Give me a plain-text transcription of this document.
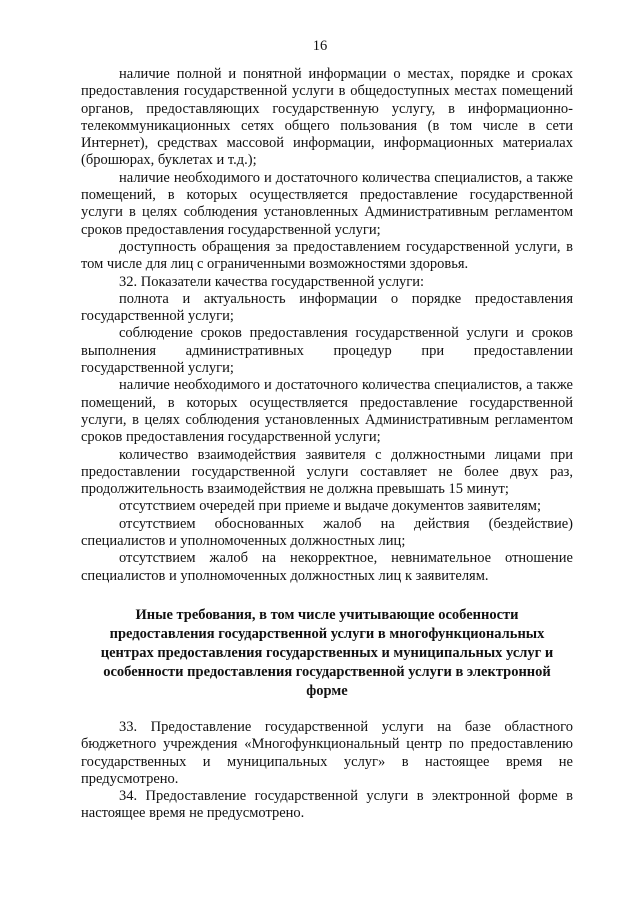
16

наличие полной и понятной информации о местах, порядке и сроках предоставления государственной услуги в общедоступных местах помещений органов, предоставляющих государственную услугу, в информационно-телекоммуникационных сетях общего пользования (в том числе в сети Интернет), средствах массовой информации, информационных материалах (брошюрах, буклетах и т.д.);

наличие необходимого и достаточного количества специалистов, а также помещений, в которых осуществляется предоставление государственной услуги в целях соблюдения установленных Административным регламентом сроков предоставления государственной услуги;

доступность обращения за предоставлением государственной услуги, в том числе для лиц с ограниченными возможностями здоровья.

32. Показатели качества государственной услуги:

полнота и актуальность информации о порядке предоставления государственной услуги;

соблюдение сроков предоставления государственной услуги и сроков выполнения административных процедур при предоставлении государственной услуги;

наличие необходимого и достаточного количества специалистов, а также помещений, в которых осуществляется предоставление государственной услуги, в целях соблюдения установленных Административным регламентом сроков предоставления государственной услуги;

количество взаимодействия заявителя с должностными лицами при предоставлении государственной услуги составляет не более двух раз, продолжительность взаимодействия не должна превышать 15 минут;

отсутствием очередей при приеме и выдаче документов заявителям;

отсутствием обоснованных жалоб на действия (бездействие) специалистов и уполномоченных должностных лиц;

отсутствием жалоб на некорректное, невнимательное отношение специалистов и уполномоченных должностных лиц к заявителям.

Иные требования, в том числе учитывающие особенности предоставления государственной услуги в многофункциональных центрах предоставления государственных и муниципальных услуг и особенности предоставления государственной услуги в электронной форме

33. Предоставление государственной услуги на базе областного бюджетного учреждения «Многофункциональный центр по предоставлению государственных и муниципальных услуг» в настоящее время не предусмотрено.

34. Предоставление государственной услуги в электронной форме в настоящее время не предусмотрено.
